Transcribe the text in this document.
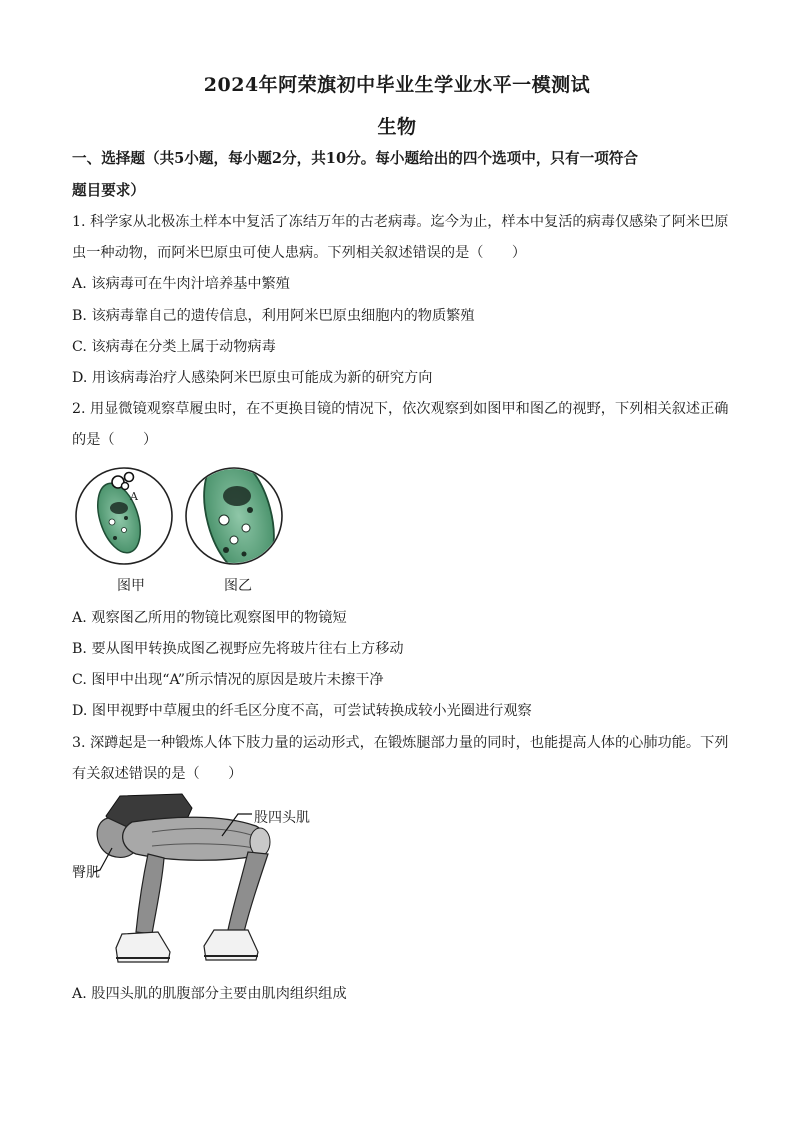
2024年阿荣旗初中毕业生学业水平一模测试
生物
一、选择题（共5小题，每小题2分，共10分。每小题给出的四个选项中，只有一项符合
题目要求）
1. 科学家从北极冻土样本中复活了冻结万年的古老病毒。迄今为止，样本中复活的病毒仅感染了阿米巴原
虫一种动物，而阿米巴原虫可使人患病。下列相关叙述错误的是（　　）
A. 该病毒可在牛肉汁培养基中繁殖
B. 该病毒靠自己的遗传信息，利用阿米巴原虫细胞内的物质繁殖
C. 该病毒在分类上属于动物病毒
D. 用该病毒治疗人感染阿米巴原虫可能成为新的研究方向
2. 用显微镜观察草履虫时，在不更换目镜的情况下，依次观察到如图甲和图乙的视野，下列相关叙述正确
的是（　　）
A
图甲	图乙
A. 观察图乙所用的物镜比观察图甲的物镜短
B. 要从图甲转换成图乙视野应先将玻片往右上方移动
C. 图甲中出现“A”所示情况的原因是玻片未擦干净
D. 图甲视野中草履虫的纤毛区分度不高，可尝试转换成较小光圈进行观察
3. 深蹲起是一种锻炼人体下肢力量的运动形式，在锻炼腿部力量的同时，也能提高人体的心肺功能。下列
有关叙述错误的是（　　）
股四头肌
臀肌
A. 股四头肌的肌腹部分主要由肌肉组织组成
